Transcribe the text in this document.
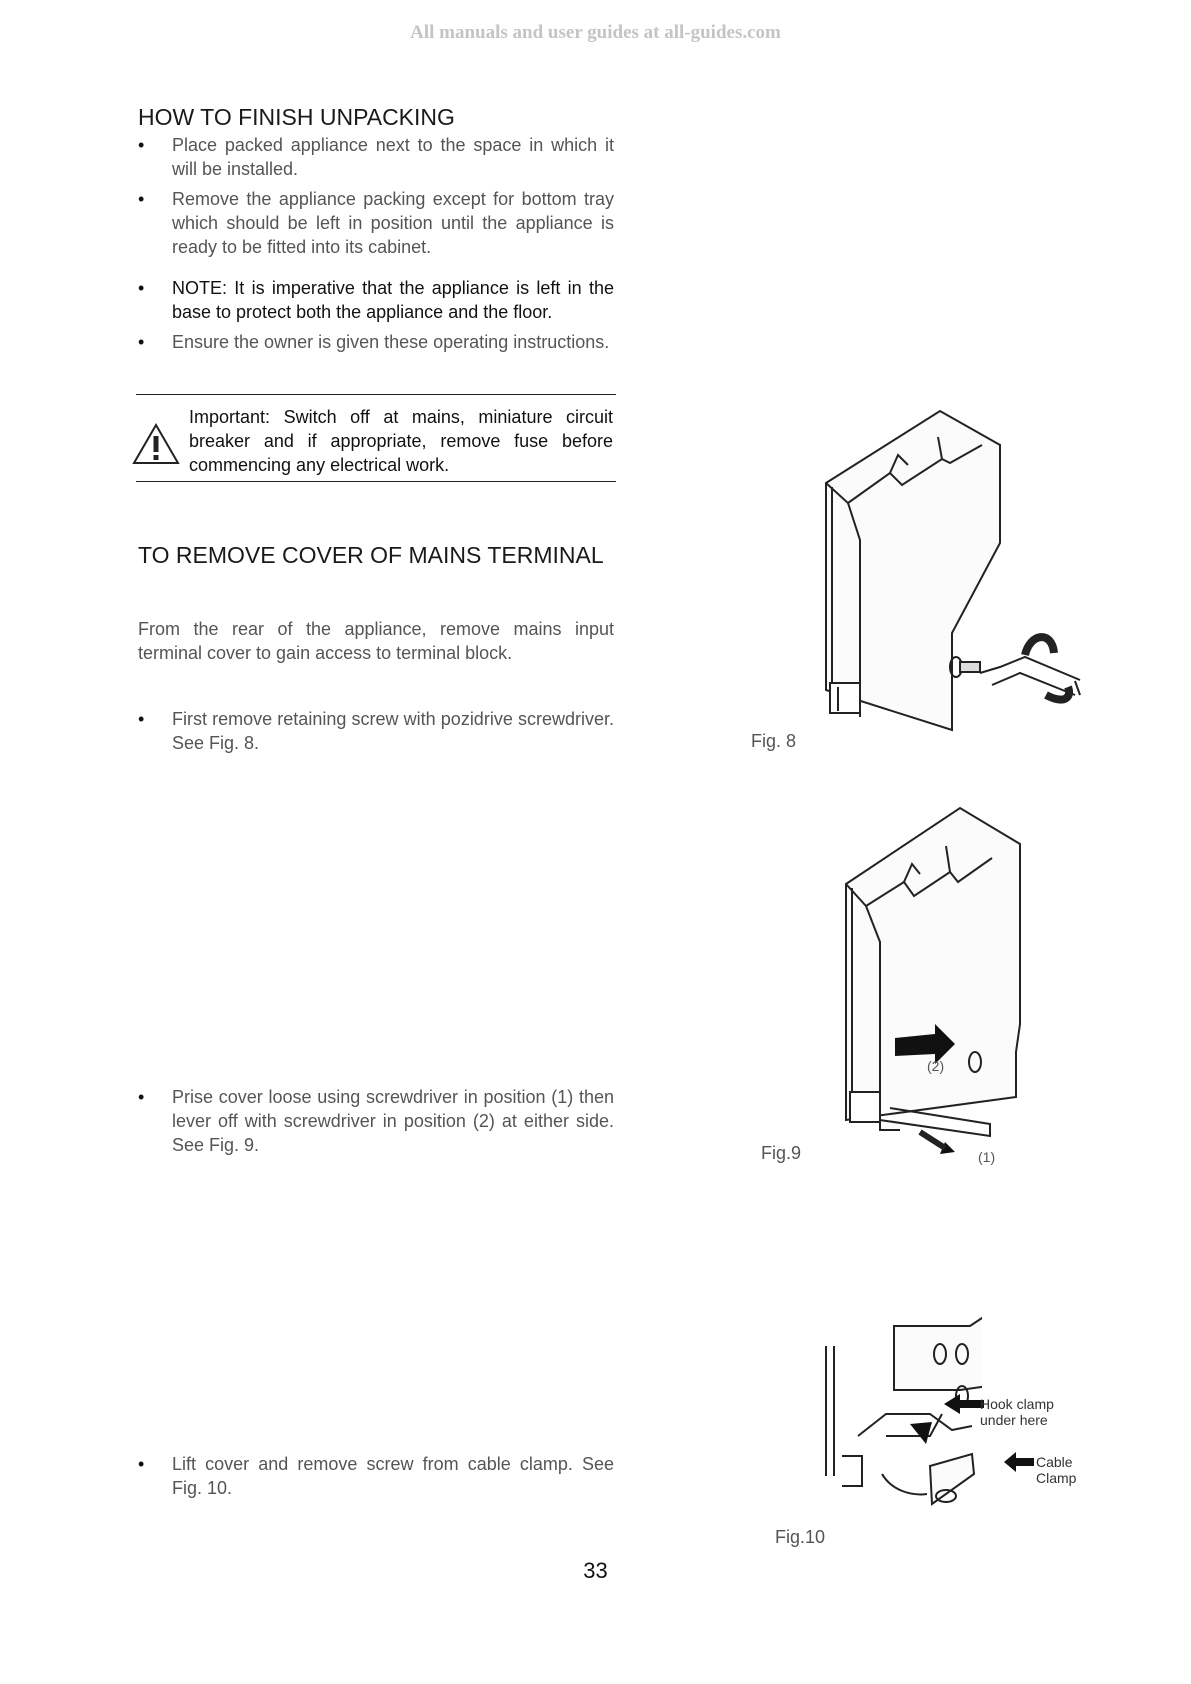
All manuals and user guides at all-guides.com
HOW TO FINISH UNPACKING
• Place packed appliance next to the space in which it will be installed.
• Remove the appliance packing except for bottom tray which should be left in position until the appliance is ready to be fitted into its cabinet.
• NOTE: It is imperative that the appliance is left in the base to protect both the appliance and the floor.
• Ensure the owner is given these operating instructions.
Important: Switch off at mains, miniature circuit breaker and if appropriate, remove fuse before commencing any electrical work.
TO REMOVE COVER OF MAINS TERMINAL

From the rear of the appliance, remove mains input terminal cover to gain access to terminal block.

• First remove retaining screw with pozidrive screwdriver. See Fig. 8.
• Prise cover loose using screwdriver in position (1) then lever off with screwdriver in position (2) at either side. See Fig. 9.
• Lift cover and remove screw from cable clamp. See Fig. 10.
Fig. 8
(2)
(1)
Fig.9
Hook clamp
under here
Cable
Clamp
Fig.10
33
